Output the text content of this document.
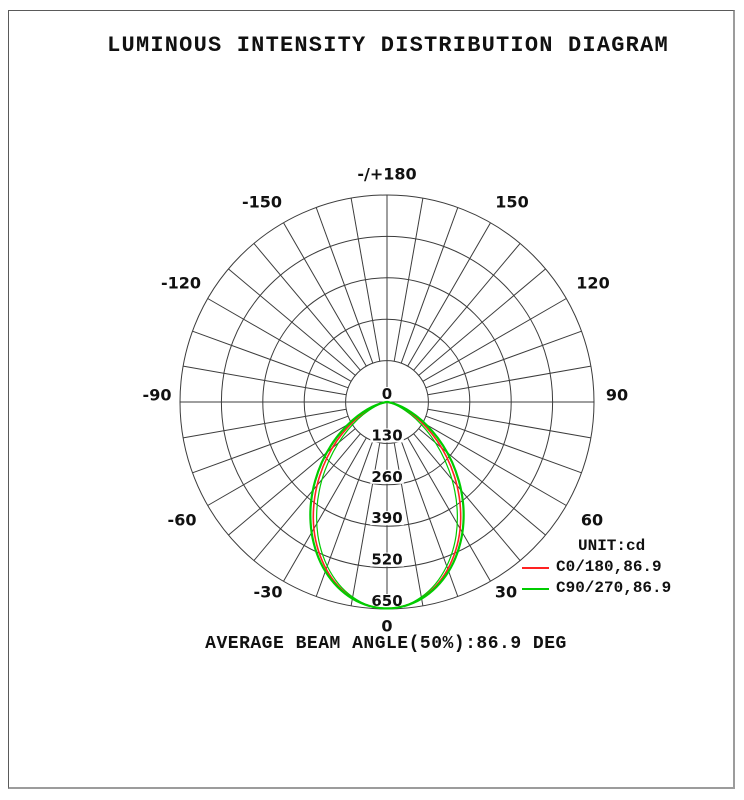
LUMINOUS INTENSITY DISTRIBUTION DIAGRAM
0
130
260
390
520
650
-/+180
-150	150
-120	120
-90	90
-60	60
-30	30
0
UNIT:cd
C0/180,86.9
C90/270,86.9
AVERAGE BEAM ANGLE(50%):86.9 DEG
